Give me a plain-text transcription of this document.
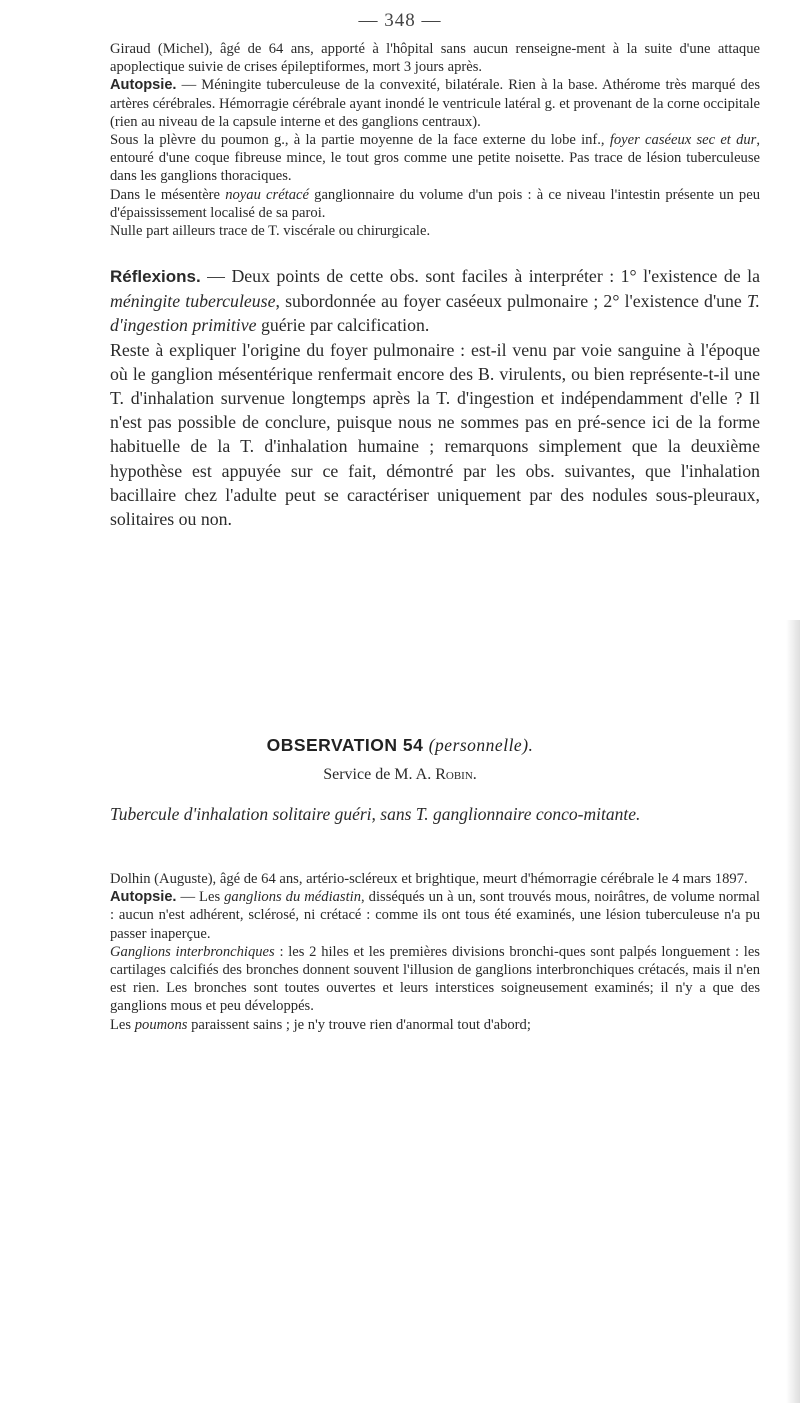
— 348 —

Giraud (Michel), âgé de 64 ans, apporté à l'hôpital sans aucun renseigne-ment à la suite d'une attaque apoplectique suivie de crises épileptiformes, mort 3 jours après.

Autopsie. — Méningite tuberculeuse de la convexité, bilatérale. Rien à la base. Athérome très marqué des artères cérébrales. Hémorragie cérébrale ayant inondé le ventricule latéral g. et provenant de la corne occipitale (rien au niveau de la capsule interne et des ganglions centraux).

Sous la plèvre du poumon g., à la partie moyenne de la face externe du lobe inf., foyer caséeux sec et dur, entouré d'une coque fibreuse mince, le tout gros comme une petite noisette. Pas trace de lésion tuberculeuse dans les ganglions thoraciques.

Dans le mésentère noyau crétacé ganglionnaire du volume d'un pois : à ce niveau l'intestin présente un peu d'épaississement localisé de sa paroi.

Nulle part ailleurs trace de T. viscérale ou chirurgicale.

Réflexions. — Deux points de cette obs. sont faciles à interpréter : 1° l'existence de la méningite tuberculeuse, subordonnée au foyer caséeux pulmonaire ; 2° l'existence d'une T. d'ingestion primitive guérie par calcification.

Reste à expliquer l'origine du foyer pulmonaire : est-il venu par voie sanguine à l'époque où le ganglion mésentérique renfermait encore des B. virulents, ou bien représente-t-il une T. d'inhalation survenue longtemps après la T. d'ingestion et indépendamment d'elle ? Il n'est pas possible de conclure, puisque nous ne sommes pas en pré-sence ici de la forme habituelle de la T. d'inhalation humaine ; remarquons simplement que la deuxième hypothèse est appuyée sur ce fait, démontré par les obs. suivantes, que l'inhalation bacillaire chez l'adulte peut se caractériser uniquement par des nodules sous-pleuraux, solitaires ou non.

OBSERVATION 54 (personnelle).
Service de M. A. Robin.
Tubercule d'inhalation solitaire guéri, sans T. ganglionnaire conco-mitante.

Dolhin (Auguste), âgé de 64 ans, artério-scléreux et brightique, meurt d'hémorragie cérébrale le 4 mars 1897.

Autopsie. — Les ganglions du médiastin, disséqués un à un, sont trouvés mous, noirâtres, de volume normal : aucun n'est adhérent, sclérosé, ni crétacé : comme ils ont tous été examinés, une lésion tuberculeuse n'a pu passer inaperçue.

Ganglions interbronchiques : les 2 hiles et les premières divisions bronchi-ques sont palpés longuement : les cartilages calcifiés des bronches donnent souvent l'illusion de ganglions interbronchiques crétacés, mais il n'en est rien. Les bronches sont toutes ouvertes et leurs interstices soigneusement examinés; il n'y a que des ganglions mous et peu développés.

Les poumons paraissent sains ; je n'y trouve rien d'anormal tout d'abord;
